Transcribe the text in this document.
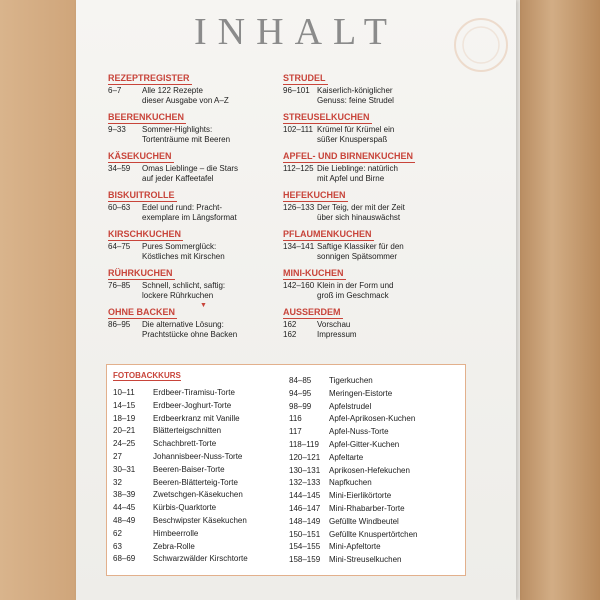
INHALT
REZEPTREGISTER
6–7	Alle 122 Rezepte
dieser Ausgabe von A–Z
BEERENKUCHEN
9–33	Sommer-Highlights:
Tortenträume mit Beeren
KÄSEKUCHEN
34–59	Omas Lieblinge – die Stars
auf jeder Kaffeetafel
BISKUITROLLE
60–63	Edel und rund: Pracht-
exemplare im Längsformat
KIRSCHKUCHEN
64–75	Pures Sommerglück:
Köstliches mit Kirschen
RÜHRKUCHEN
76–85	Schnell, schlicht, saftig:
lockere Rührkuchen
OHNE BACKEN
86–95	Die alternative Lösung:
Prachtstücke ohne Backen
▼
STRUDEL
96–101 Kaiserlich-königlicher
Genuss: feine Strudel
STREUSELKUCHEN
102–111 Krümel für Krümel ein
süßer Knusperspaß
APFEL- UND BIRNENKUCHEN
112–125 Die Lieblinge: natürlich
mit Apfel und Birne
HEFEKUCHEN
126–133 Der Teig, der mit der Zeit
über sich hinauswächst
PFLAUMENKUCHEN
134–141 Saftige Klassiker für den
sonnigen Spätsommer
MINI-KUCHEN
142–160 Klein in der Form und
groß im Geschmack
AUSSERDEM
162	Vorschau
162	Impressum
FOTOBACKKURS
10–11	Erdbeer-Tiramisu-Torte
14–15	Erdbeer-Joghurt-Torte
18–19	Erdbeerkranz mit Vanille
20–21	Blätterteigschnitten
24–25	Schachbrett-Torte
27	Johannisbeer-Nuss-Torte
30–31	Beeren-Baiser-Torte
32	Beeren-Blätterteig-Torte
38–39	Zwetschgen-Käsekuchen
44–45	Kürbis-Quarktorte
48–49	Beschwipster Käsekuchen
62	Himbeerrolle
63	Zebra-Rolle
68–69	Schwarzwälder Kirschtorte
84–85	Tigerkuchen
94–95	Meringen-Eistorte
98–99	Apfelstrudel
116	Apfel-Aprikosen-Kuchen
117	Apfel-Nuss-Torte
118–119	Apfel-Gitter-Kuchen
120–121	Apfeltarte
130–131	Aprikosen-Hefekuchen
132–133	Napfkuchen
144–145	Mini-Eierlikörtorte
146–147	Mini-Rhabarber-Torte
148–149	Gefüllte Windbeutel
150–151	Gefüllte Knuspertörtchen
154–155	Mini-Apfeltorte
158–159	Mini-Streuselkuchen
